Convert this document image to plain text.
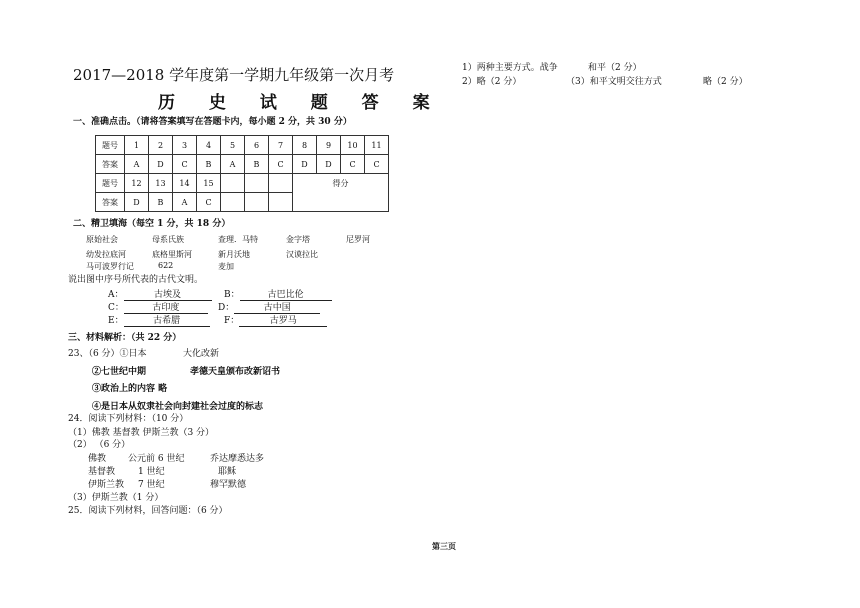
2017—2018 学年度第一学期九年级第一次月考
历 史 试 题 答 案
一、准确点击。（请将答案填写在答题卡内，每小题 2 分，共 30 分）
题号	1	2	3	4	5	6	7	8	9	10	11
答案	A	D	C	B	A	B	C	D	D	C	C
题号	12	13	14	15				得分			
答案	D	B	A	C							
二、精卫填海（每空 1 分，共 18 分）
原始社会	母系氏族	查理．马特	金字塔	尼罗河
幼发拉底河	底格里斯河	新月沃地	汉谟拉比
马可波罗行记	622	麦加
说出图中序号所代表的古代文明。
A：	古埃及	B：	古巴比伦
C：	古印度	D：	古中国
E：	古希腊	F：	古罗马
三、材料解析：（共 22 分）
23、（6 分）①日本	大化改新
②七世纪中期	孝德天皇颁布改新诏书
③政治上的内容 略
④是日本从奴隶社会向封建社会过度的标志
24．阅读下列材料：（10 分）
（1）佛教 基督教 伊斯兰教（3 分）
（2） （6 分）
佛教 公元前 6 世纪	乔达摩悉达多
基督教	1 世纪	耶稣
伊斯兰教 7 世纪	穆罕默德
（3）伊斯兰教（1 分）
25．阅读下列材料，回答问题：（6 分）
1）两种主要方式。战争	和平（2 分）
2）略（2 分）	（3）和平文明交往方式	略（2 分）
第三页
